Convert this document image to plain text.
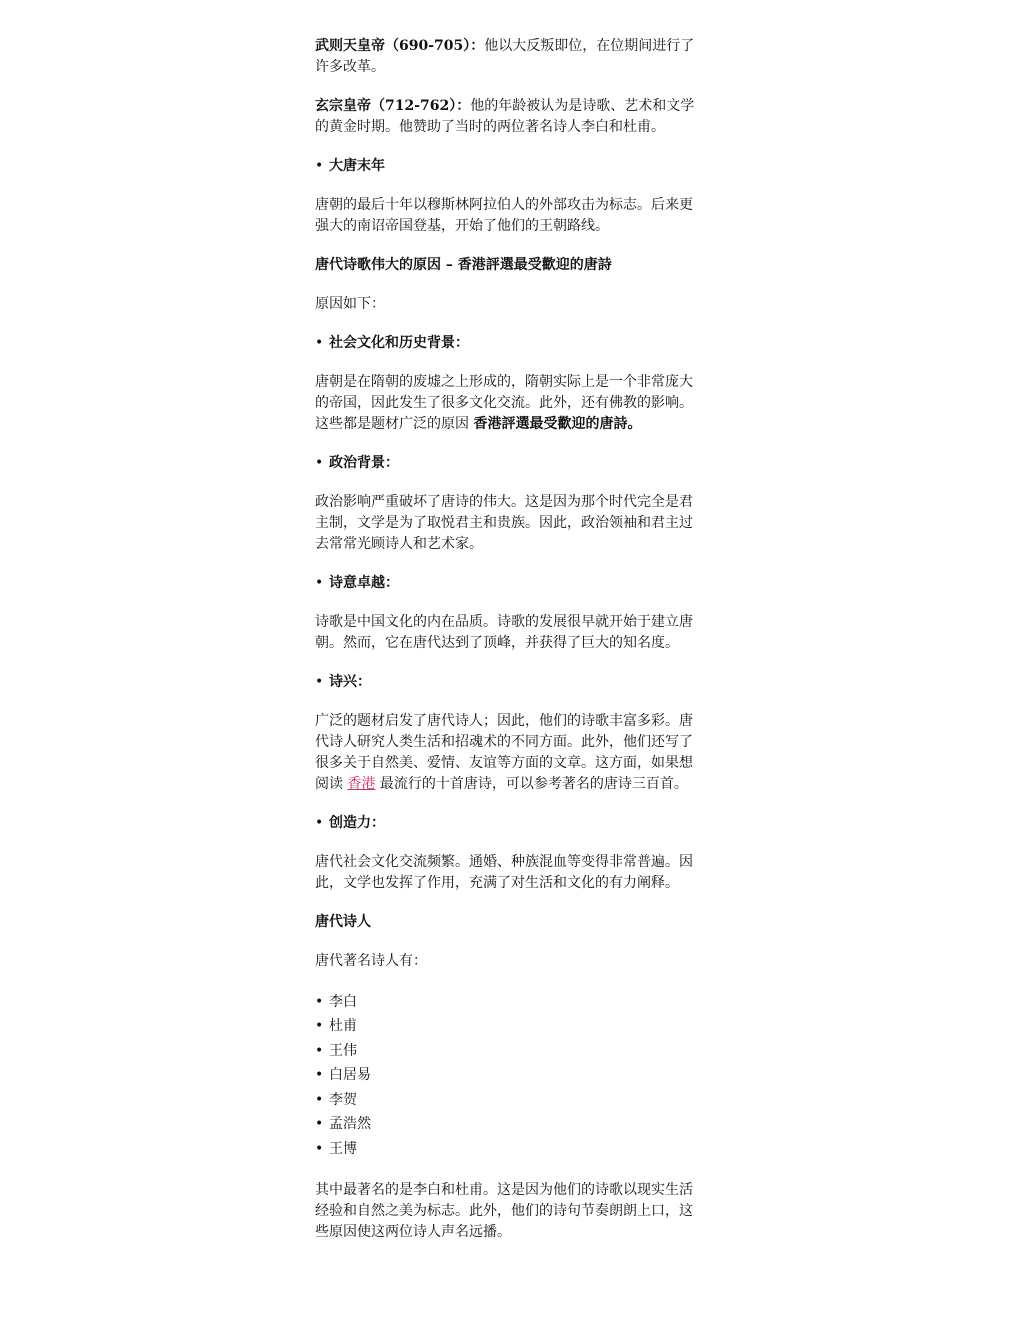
武则天皇帝（690-705）：他以大反叛即位，在位期间进行了许多改革。

玄宗皇帝（712-762）：他的年龄被认为是诗歌、艺术和文学的黄金时期。他赞助了当时的两位著名诗人李白和杜甫。

• 大唐末年

唐朝的最后十年以穆斯林阿拉伯人的外部攻击为标志。后来更强大的南诏帝国登基，开始了他们的王朝路线。

唐代诗歌伟大的原因 – 香港評選最受歡迎的唐詩

原因如下：

• 社会文化和历史背景：

唐朝是在隋朝的废墟之上形成的，隋朝实际上是一个非常庞大的帝国，因此发生了很多文化交流。此外，还有佛教的影响。这些都是题材广泛的原因 香港評選最受歡迎的唐詩。

• 政治背景：

政治影响严重破坏了唐诗的伟大。这是因为那个时代完全是君主制，文学是为了取悦君主和贵族。因此，政治领袖和君主过去常常光顾诗人和艺术家。

• 诗意卓越：

诗歌是中国文化的内在品质。诗歌的发展很早就开始于建立唐朝。然而，它在唐代达到了顶峰，并获得了巨大的知名度。

• 诗兴：

广泛的题材启发了唐代诗人；因此，他们的诗歌丰富多彩。唐代诗人研究人类生活和招魂术的不同方面。此外，他们还写了很多关于自然美、爱情、友谊等方面的文章。这方面，如果想阅读 香港 最流行的十首唐诗，可以参考著名的唐诗三百首。

• 创造力：

唐代社会文化交流频繁。通婚、种族混血等变得非常普遍。因此，文学也发挥了作用，充满了对生活和文化的有力阐释。

唐代诗人

唐代著名诗人有：

• 李白
• 杜甫
• 王伟
• 白居易
• 李贺
• 孟浩然
• 王博

其中最著名的是李白和杜甫。这是因为他们的诗歌以现实生活经验和自然之美为标志。此外，他们的诗句节奏朗朗上口，这些原因使这两位诗人声名远播。
